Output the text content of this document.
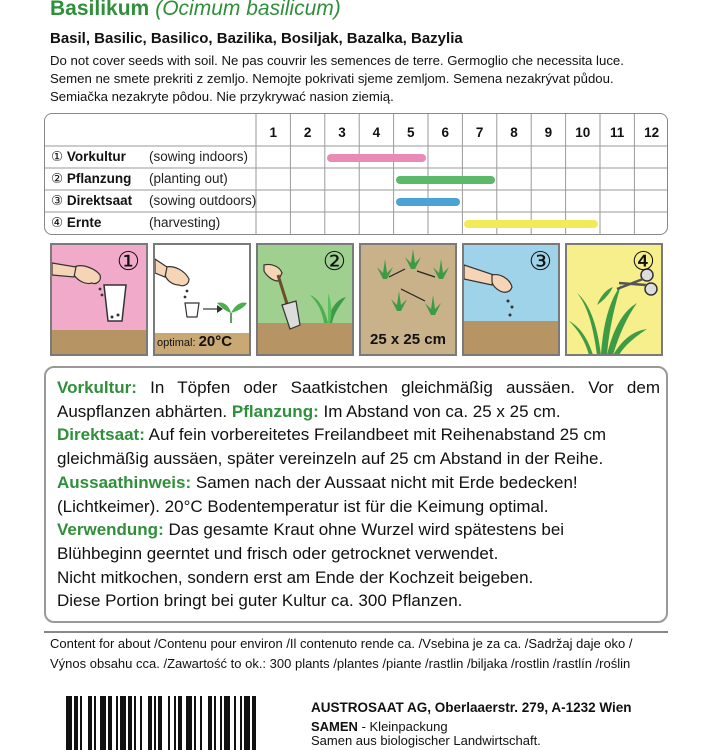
Basilikum (Ocimum basilicum)
Basil, Basilic, Basilico, Bazilika, Bosiljak, Bazalka, Bazylia
Do not cover seeds with soil. Ne pas couvrir les semences de terre. Germoglio che necessita luce.
Semen ne smete prekriti z zemljo. Nemojte pokrivati sjeme zemljom. Semena nezakrývat půdou.
Semiačka nezakryte pôdou. Nie przykrywać nasion ziemią.
1	2	3	4	5	6	7	8	9	10	11	12
① Vorkultur (sowing indoors)
② Pflanzung (planting out)
③ Direktsaat (sowing outdoors)
④ Ernte	(harvesting)
①
optimal: 20°C
②
25 x 25 cm
③	④
Vorkultur: In Töpfen oder Saatkistchen gleichmäßig aussäen. Vor dem
Auspflanzen abhärten. Pflanzung: Im Abstand von ca. 25 x 25 cm.
Direktsaat: Auf fein vorbereitetes Freilandbeet mit Reihenabstand 25 cm
gleichmäßig aussäen, später vereinzeln auf 25 cm Abstand in der Reihe.
Aussaathinweis: Samen nach der Aussaat nicht mit Erde bedecken!
(Lichtkeimer). 20°C Bodentemperatur ist für die Keimung optimal.
Verwendung: Das gesamte Kraut ohne Wurzel wird spätestens bei
Blühbeginn geerntet und frisch oder getrocknet verwendet.
Nicht mitkochen, sondern erst am Ende der Kochzeit beigeben.
Diese Portion bringt bei guter Kultur ca. 300 Pflanzen.
Content for about /Contenu pour environ /Il contenuto rende ca. /Vsebina je za ca. /Sadržaj daje oko /
Výnos obsahu cca. /Zawartość to ok.: 300 plants /plantes /piante /rastlin /biljaka /rostlin /rastlín /roślin
AUSTROSAAT AG, Oberlaaerstr. 279, A-1232 Wien
SAMEN - Kleinpackung
Samen aus biologischer Landwirtschaft.
